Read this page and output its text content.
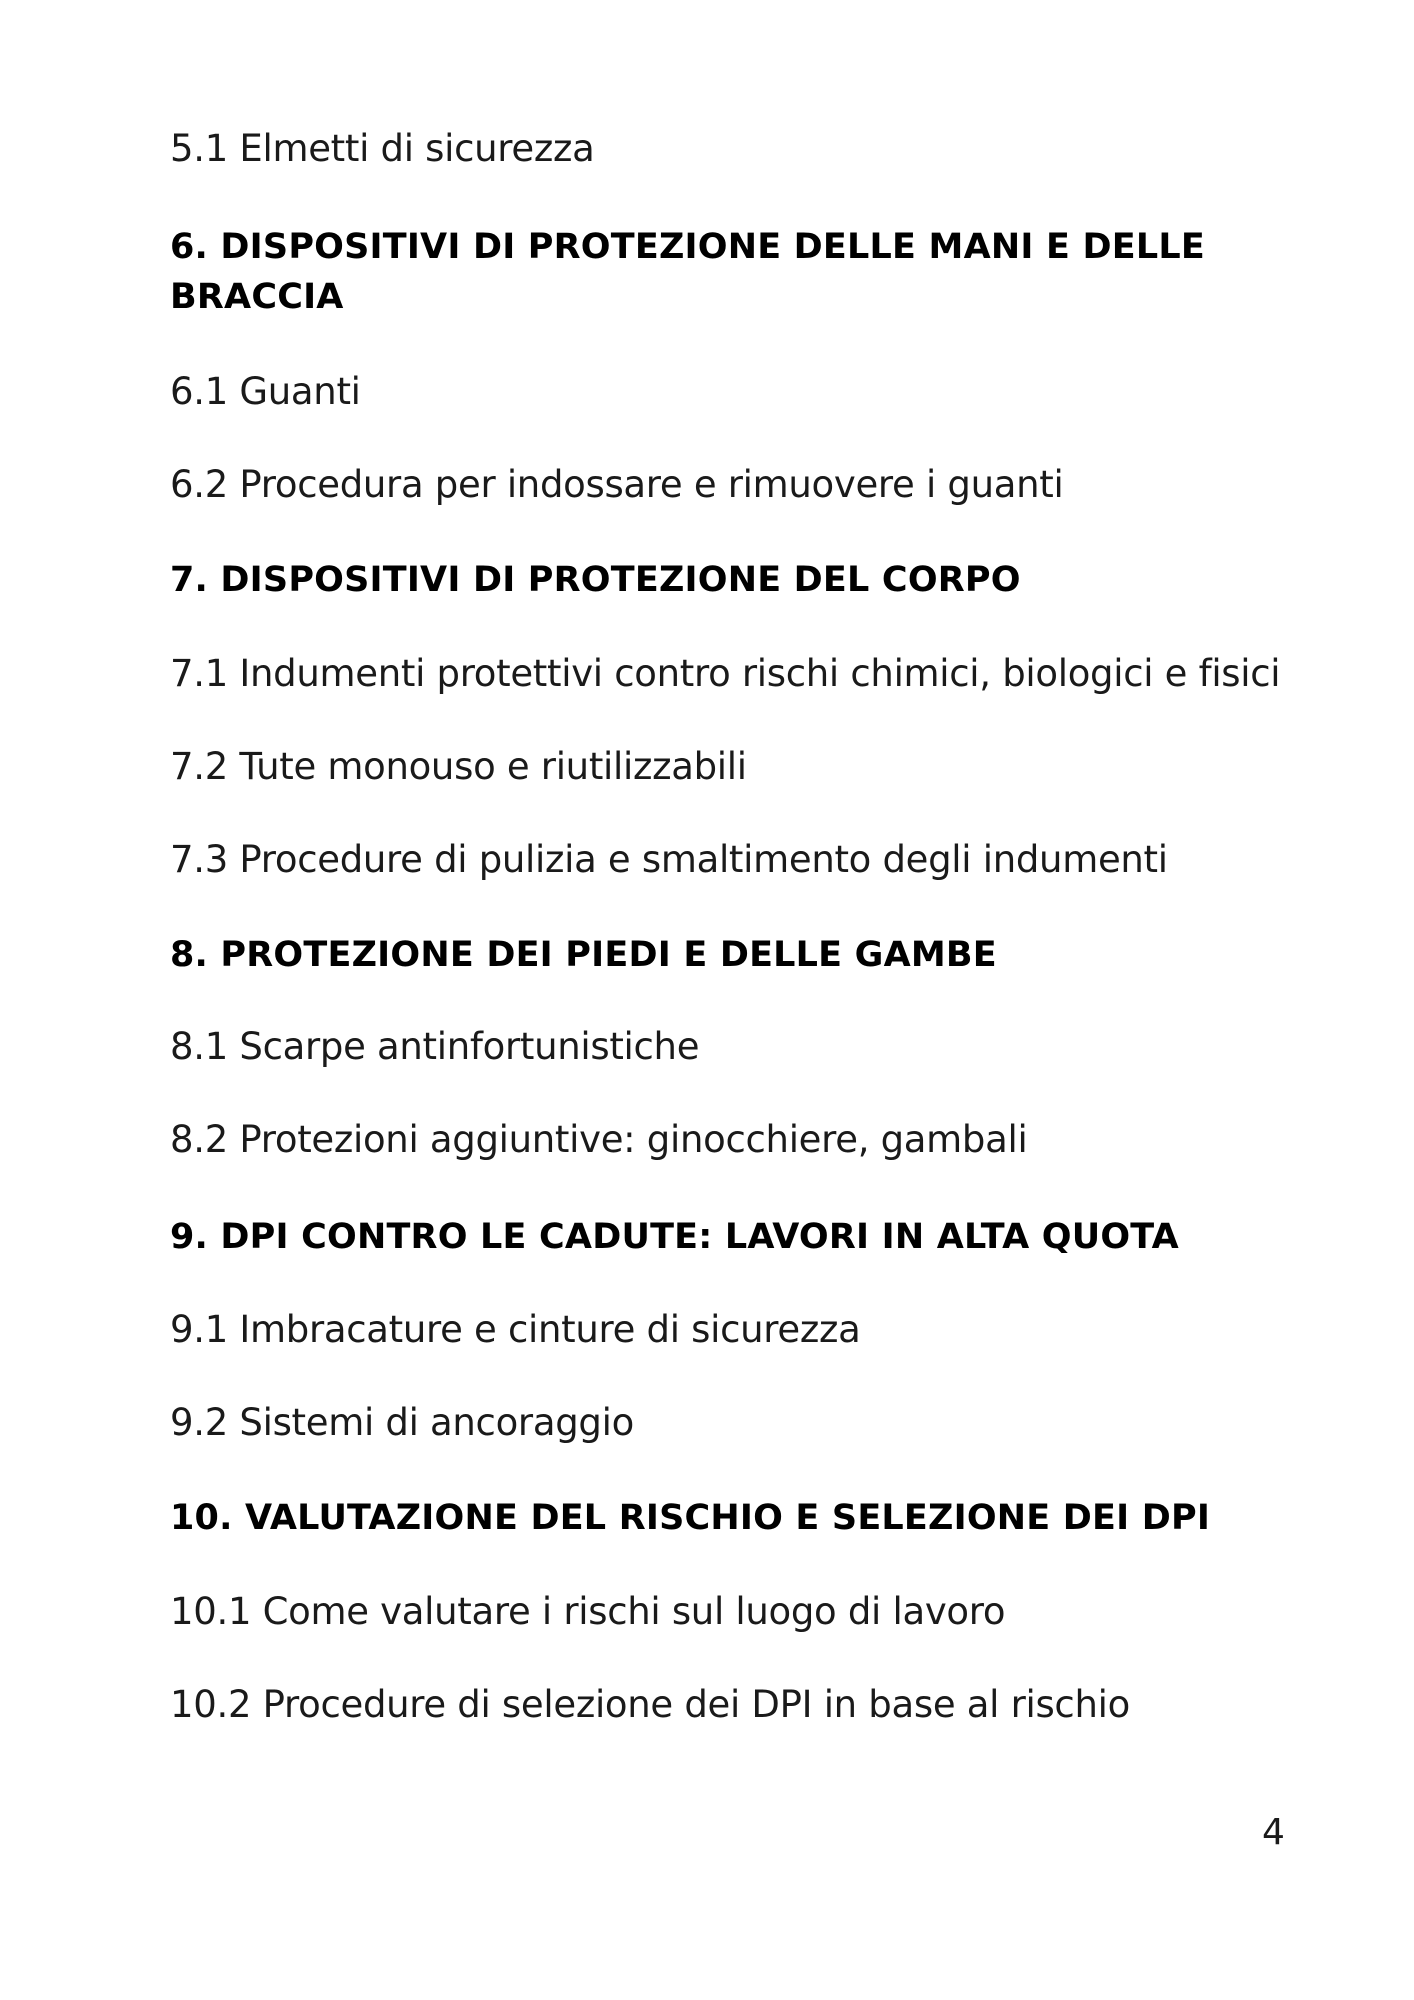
5.1 Elmetti di sicurezza
6. DISPOSITIVI DI PROTEZIONE DELLE MANI E DELLE
BRACCIA
6.1 Guanti
6.2 Procedura per indossare e rimuovere i guanti
7. DISPOSITIVI DI PROTEZIONE DEL CORPO
7.1 Indumenti protettivi contro rischi chimici, biologici e fisici
7.2 Tute monouso e riutilizzabili
7.3 Procedure di pulizia e smaltimento degli indumenti
8. PROTEZIONE DEI PIEDI E DELLE GAMBE
8.1 Scarpe antinfortunistiche
8.2 Protezioni aggiuntive: ginocchiere, gambali
9. DPI CONTRO LE CADUTE: LAVORI IN ALTA QUOTA
9.1 Imbracature e cinture di sicurezza
9.2 Sistemi di ancoraggio
10. VALUTAZIONE DEL RISCHIO E SELEZIONE DEI DPI
10.1 Come valutare i rischi sul luogo di lavoro
10.2 Procedure di selezione dei DPI in base al rischio
4
